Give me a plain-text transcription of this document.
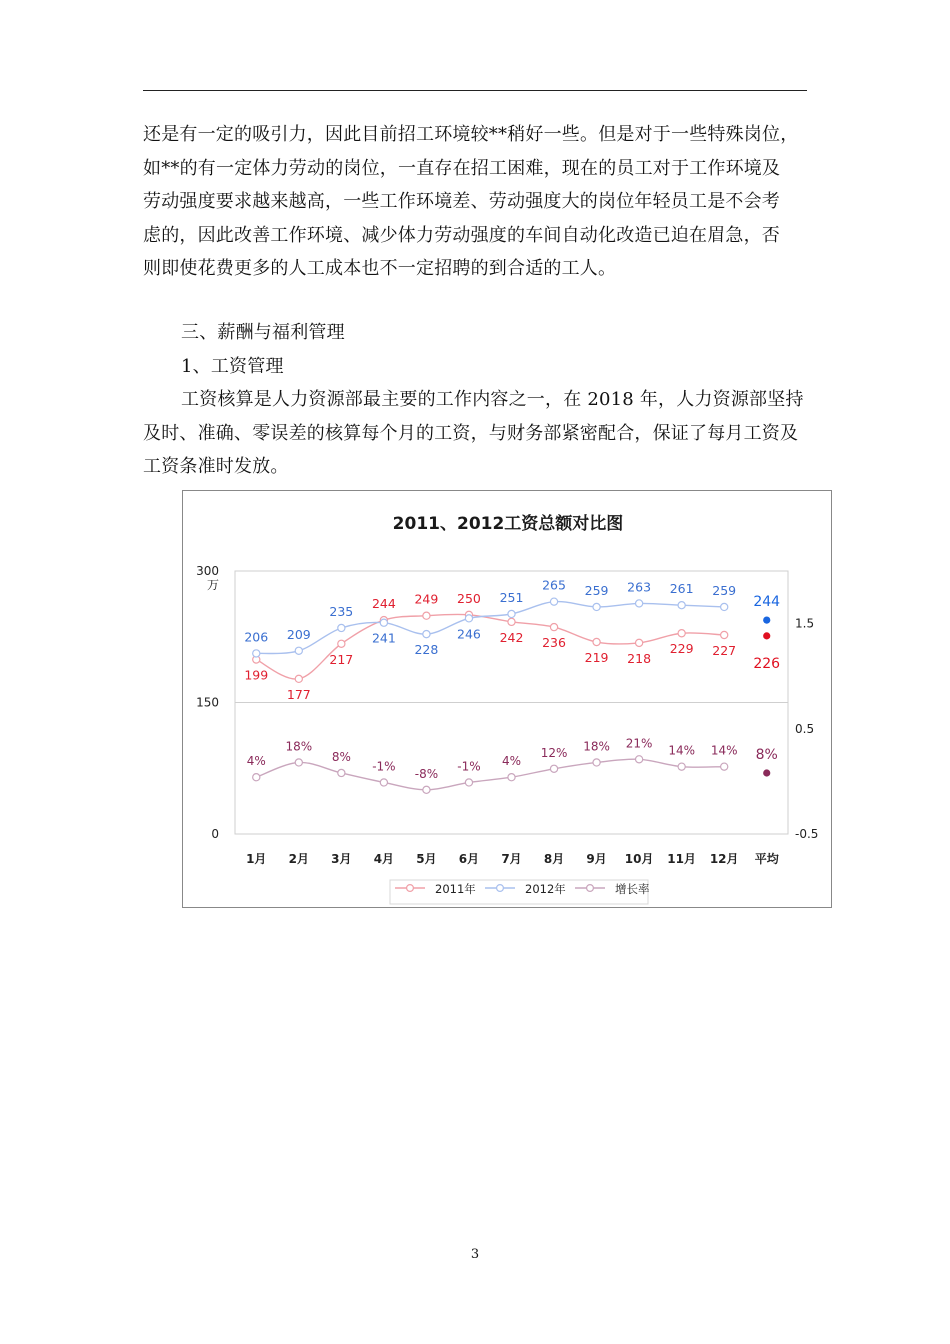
还是有一定的吸引力，因此目前招工环境较**稍好一些。但是对于一些特殊岗位，
如**的有一定体力劳动的岗位，一直存在招工困难，现在的员工对于工作环境及
劳动强度要求越来越高，一些工作环境差、劳动强度大的岗位年轻员工是不会考
虑的，因此改善工作环境、减少体力劳动强度的车间自动化改造已迫在眉急，否
则即使花费更多的人工成本也不一定招聘的到合适的工人。

三、薪酬与福利管理

1、工资管理

工资核算是人力资源部最主要的工作内容之一，在 2018 年，人力资源部坚持
及时、准确、零误差的核算每个月的工资，与财务部紧密配合，保证了每月工资及
工资条准时发放。

2011、2012工资总额对比图
300
150
0
万
1.5
0.5
-0.5
1月 2月 3月 4月 5月 6月 7月 8月 9月 10月 11月 12月 平均
199
177
217
244 249 250
242 236
219 218
229 227
206 209
235
241
228
246
251
265 259 263 261 259
4%
18%
8%
-1%
-8%
-1% 4%
12% 18% 21%
14% 14%
244
226
8%
2011年	2012年	增长率
3
